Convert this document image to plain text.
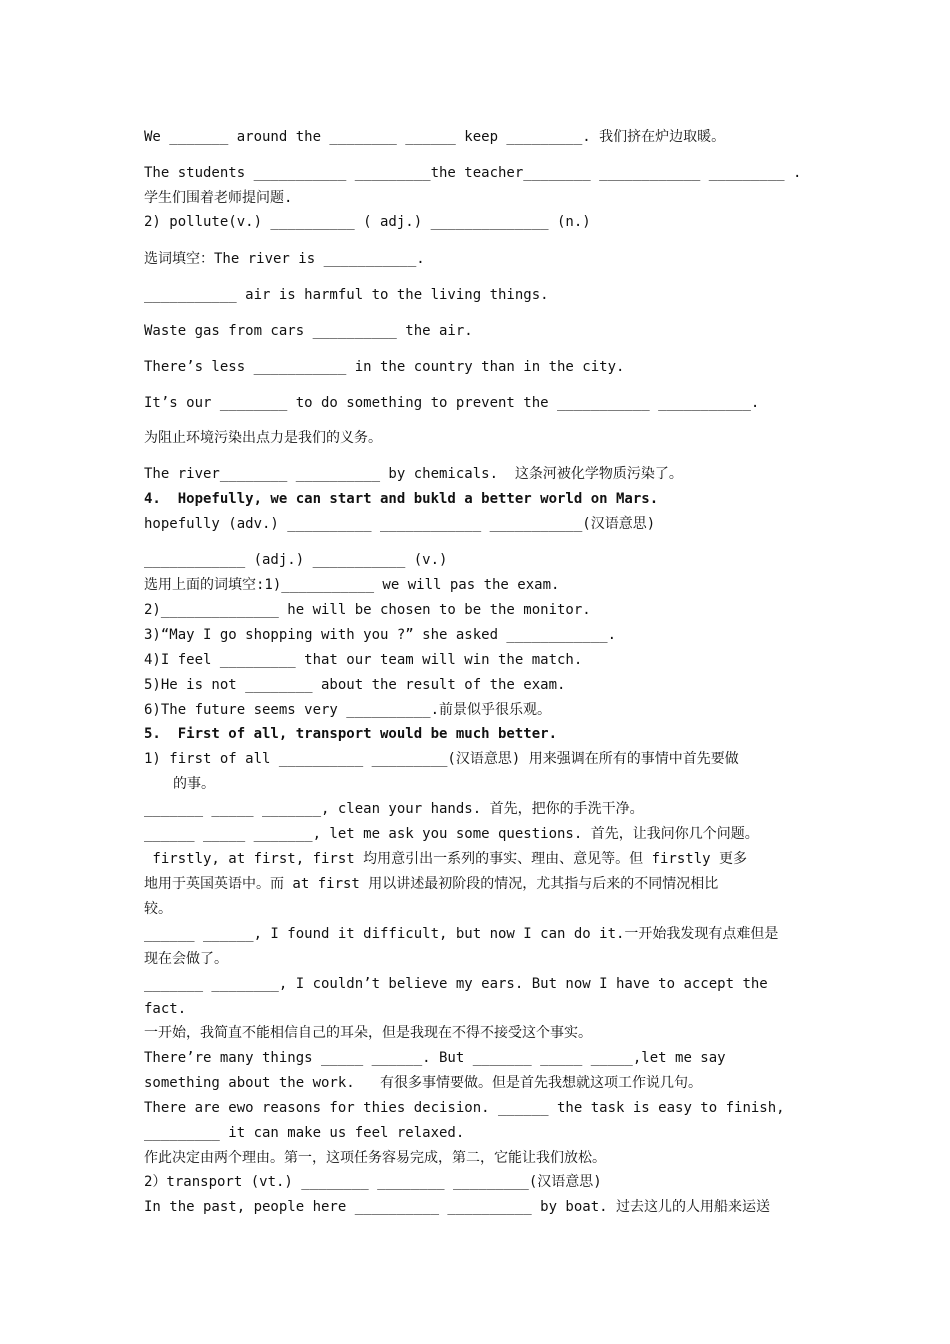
We _______ around the ________ ______ keep _________. 我们挤在炉边取暖。
The students ___________ _________the teacher________ ____________ _________ .
学生们围着老师提问题.
2) pollute(v.) __________ ( adj.) ______________ (n.)
选词填空：The river is ___________.
___________ air is harmful to the living things.
Waste gas from cars __________ the air.
There’s less ___________ in the country than in the city.
It’s our ________ to do something to prevent the ___________ ___________.
为阻止环境污染出点力是我们的义务。
The river________ __________ by chemicals.  这条河被化学物质污染了。
4.  Hopefully, we can start and bukld a better world on Mars.
hopefully (adv.) __________ ____________ ___________(汉语意思)
____________ (adj.) ___________ (v.)
选用上面的词填空:1)___________ we will pas the exam.
2)______________ he will be chosen to be the monitor.
3)“May I go shopping with you ?” she asked ____________.
4)I feel _________ that our team will win the match.
5)He is not ________ about the result of the exam.
6)The future seems very __________.前景似乎很乐观。
5.  First of all, transport would be much better.
1) first of all __________ _________(汉语意思) 用来强调在所有的事情中首先要做
的事。
_______ _____ _______, clean your hands. 首先，把你的手洗干净。
______ _____ _______, let me ask you some questions. 首先，让我问你几个问题。
firstly, at first, first 均用意引出一系列的事实、理由、意见等。但 firstly 更多
地用于英国英语中。而 at first 用以讲述最初阶段的情况，尤其指与后来的不同情况相比
较。
______ ______, I found it difficult, but now I can do it.一开始我发现有点难但是
现在会做了。
_______ ________, I couldn’t believe my ears. But now I have to accept the
fact.
一开始，我简直不能相信自己的耳朵，但是我现在不得不接受这个事实。
There’re many things _____ ______. But _______ _____ _____,let me say
something about the work.   有很多事情要做。但是首先我想就这项工作说几句。
There are ewo reasons for thies decision. ______ the task is easy to finish,
_________ it can make us feel relaxed.
作此决定由两个理由。第一，这项任务容易完成，第二，它能让我们放松。
2）transport (vt.) ________ ________ _________(汉语意思)
In the past, people here __________ __________ by boat. 过去这儿的人用船来运送
